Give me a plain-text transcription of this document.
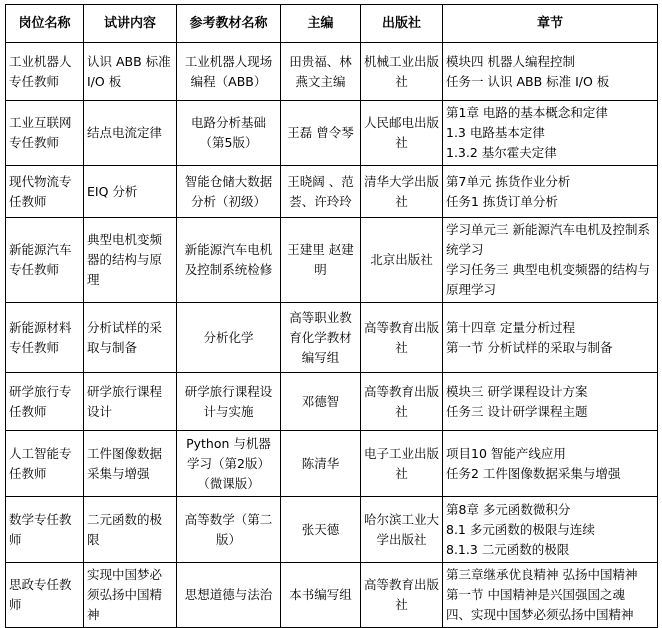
岗位名称	试讲内容	参考教材名称	主编	出版社	章节
工业机器人专任教师	认识 ABB 标准 I/O 板	工业机器人现场编程（ABB）	田贵福、林燕文主编	机械工业出版社	模块四 机器人编程控制
任务一 认识 ABB 标准 I/O 板

工业互联网专任教师	结点电流定律	电路分析基础（第5版）	王磊 曾令琴	人民邮电出版社	第1章 电路的基本概念和定律
1.3 电路基本定律
1.3.2 基尔霍夫定律

现代物流专任教师	EIQ 分析	智能仓储大数据分析（初级）	王晓阔 、范荟、许玲玲	清华大学出版社	第7单元 拣货作业分析
任务1 拣货订单分析

新能源汽车专任教师	典型电机变频器的结构与原理	新能源汽车电机及控制系统检修	王建里 赵建明	北京出版社	学习单元三 新能源汽车电机及控制系统学习
学习任务三 典型电机变频器的结构与原理学习

新能源材料专任教师	分析试样的采取与制备	分析化学	高等职业教育化学教材编写组	高等教育出版社	第十四章 定量分析过程
第一节 分析试样的采取与制备

研学旅行专任教师	研学旅行课程设计	研学旅行课程设计与实施	邓德智	高等教育出版社	模块三 研学课程设计方案
任务三 设计研学课程主题

人工智能专任教师	工件图像数据采集与增强	Python 与机器学习（第2版）（微课版）	陈清华	电子工业出版社	项目10 智能产线应用
任务2 工件图像数据采集与增强

数学专任教师	二元函数的极限	高等数学（第二版）	张天德	哈尔滨工业大学出版社	第8章 多元函数微积分
8.1 多元函数的极限与连续
8.1.3 二元函数的极限

思政专任教师	实现中国梦必须弘扬中国精神	思想道德与法治	本书编写组	高等教育出版社	第三章继承优良精神 弘扬中国精神
第一节 中国精神是兴国强国之魂
四、实现中国梦必须弘扬中国精神
